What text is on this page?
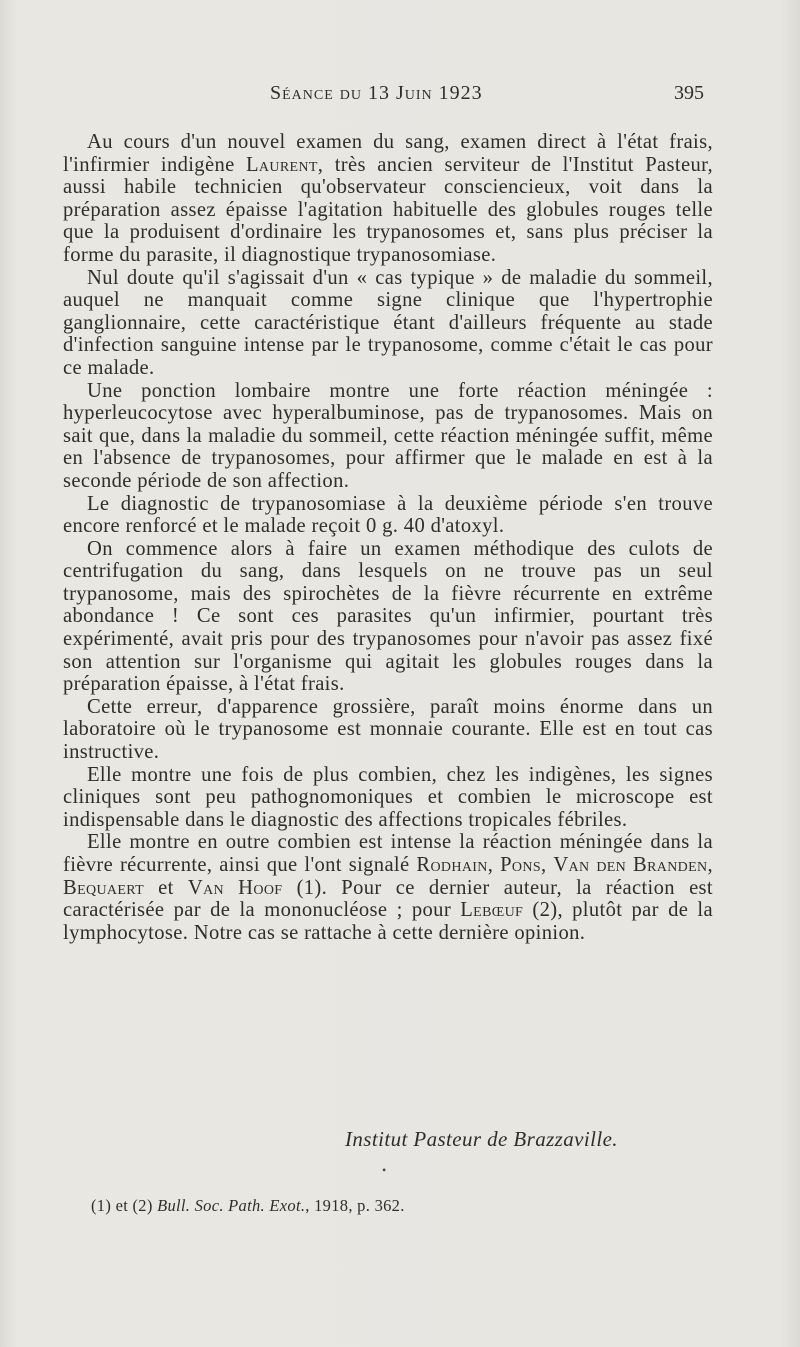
Séance du 13 Juin 1923	395

Au cours d'un nouvel examen du sang, examen direct à l'état frais, l'infirmier indigène Laurent, très ancien serviteur de l'Institut Pasteur, aussi habile technicien qu'observateur consciencieux, voit dans la préparation assez épaisse l'agitation habituelle des globules rouges telle que la produisent d'ordinaire les trypanosomes et, sans plus préciser la forme du parasite, il diagnostique trypanosomiase.

Nul doute qu'il s'agissait d'un « cas typique » de maladie du sommeil, auquel ne manquait comme signe clinique que l'hypertrophie ganglionnaire, cette caractéristique étant d'ailleurs fréquente au stade d'infection sanguine intense par le trypanosome, comme c'était le cas pour ce malade.

Une ponction lombaire montre une forte réaction méningée : hyperleucocytose avec hyperalbuminose, pas de trypanosomes. Mais on sait que, dans la maladie du sommeil, cette réaction méningée suffit, même en l'absence de trypanosomes, pour affirmer que le malade en est à la seconde période de son affection.

Le diagnostic de trypanosomiase à la deuxième période s'en trouve encore renforcé et le malade reçoit 0 g. 40 d'atoxyl.

On commence alors à faire un examen méthodique des culots de centrifugation du sang, dans lesquels on ne trouve pas un seul trypanosome, mais des spirochètes de la fièvre récurrente en extrême abondance ! Ce sont ces parasites qu'un infirmier, pourtant très expérimenté, avait pris pour des trypanosomes pour n'avoir pas assez fixé son attention sur l'organisme qui agitait les globules rouges dans la préparation épaisse, à l'état frais.

Cette erreur, d'apparence grossière, paraît moins énorme dans un laboratoire où le trypanosome est monnaie courante. Elle est en tout cas instructive.

Elle montre une fois de plus combien, chez les indigènes, les signes cliniques sont peu pathognomoniques et combien le microscope est indispensable dans le diagnostic des affections tropicales fébriles.

Elle montre en outre combien est intense la réaction méningée dans la fièvre récurrente, ainsi que l'ont signalé Rodhain, Pons, Van den Branden, Bequaert et Van Hoof (1). Pour ce dernier auteur, la réaction est caractérisée par de la mononucléose ; pour Lebœuf (2), plutôt par de la lymphocytose. Notre cas se rattache à cette dernière opinion.

Institut Pasteur de Brazzaville.
•
(1) et (2) Bull. Soc. Path. Exot., 1918, p. 362.
